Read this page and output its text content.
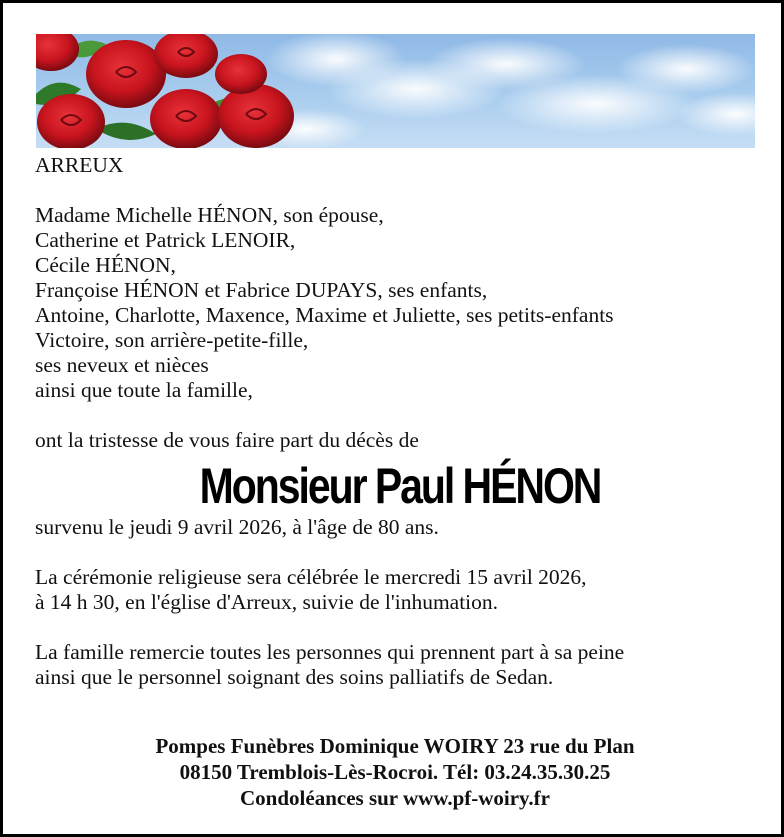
ARREUX
Madame Michelle HÉNON, son épouse,
Catherine et Patrick LENOIR,
Cécile HÉNON,
Françoise HÉNON et Fabrice DUPAYS, ses enfants,
Antoine, Charlotte, Maxence, Maxime et Juliette, ses petits-enfants
Victoire, son arrière-petite-fille,
ses neveux et nièces
ainsi que toute la famille,
ont la tristesse de vous faire part du décès de
Monsieur Paul HÉNON
survenu le jeudi 9 avril 2026, à l'âge de 80 ans.
La cérémonie religieuse sera célébrée le mercredi 15 avril 2026,
à 14 h 30, en l'église d'Arreux, suivie de l'inhumation.
La famille remercie toutes les personnes qui prennent part à sa peine
ainsi que le personnel soignant des soins palliatifs de Sedan.
Pompes Funèbres Dominique WOIRY 23 rue du Plan
08150 Tremblois-Lès-Rocroi. Tél: 03.24.35.30.25
Condoléances sur www.pf-woiry.fr
